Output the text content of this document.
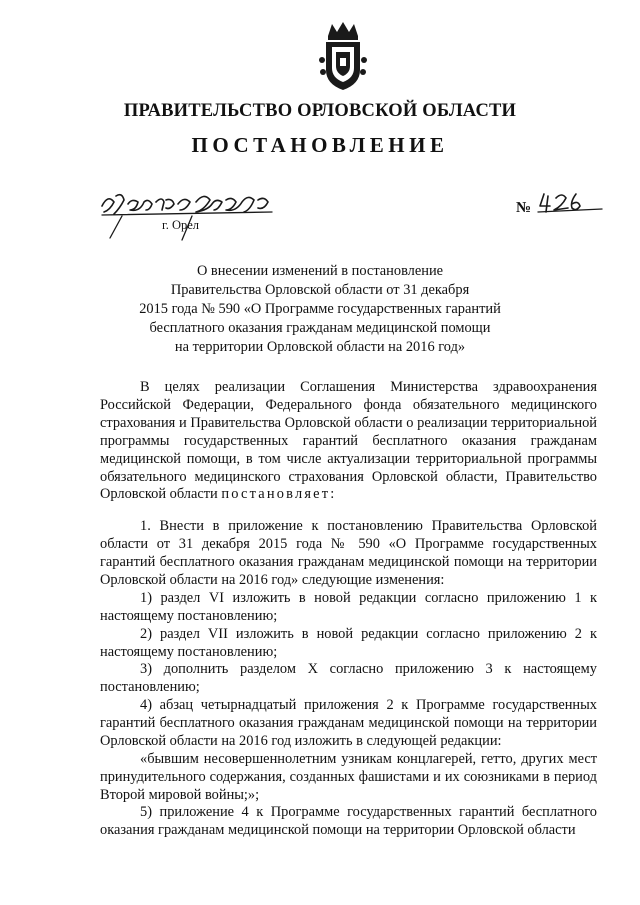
ПРАВИТЕЛЬСТВО ОРЛОВСКОЙ ОБЛАСТИ
ПОСТАНОВЛЕНИЕ
г. Орел
№

О внесении изменений в постановление
Правительства Орловской области от 31 декабря
2015 года № 590 «О Программе государственных гарантий
бесплатного оказания гражданам медицинской помощи
на территории Орловской области на 2016 год»

В целях реализации Соглашения Министерства здравоохранения Российской Федерации, Федерального фонда обязательного медицинского страхования и Правительства Орловской области о реализации территориальной программы государственных гарантий бесплатного оказания гражданам медицинской помощи, в том числе актуализации территориальной программы обязательного медицинского страхования Орловской области, Правительство Орловской области постановляет:

1. Внести в приложение к постановлению Правительства Орловской области от 31 декабря 2015 года № 590 «О Программе государственных гарантий бесплатного оказания гражданам медицинской помощи на территории Орловской области на 2016 год» следующие изменения:

1) раздел VI изложить в новой редакции согласно приложению 1 к настоящему постановлению;

2) раздел VII изложить в новой редакции согласно приложению 2 к настоящему постановлению;

3) дополнить разделом X согласно приложению 3 к настоящему постановлению;

4) абзац четырнадцатый приложения 2 к Программе государственных гарантий бесплатного оказания гражданам медицинской помощи на территории Орловской области на 2016 год изложить в следующей редакции:

«бывшим несовершеннолетним узникам концлагерей, гетто, других мест принудительного содержания, созданных фашистами и их союзниками в период Второй мировой войны;»;

5) приложение 4 к Программе государственных гарантий бесплатного оказания гражданам медицинской помощи на территории Орловской области
